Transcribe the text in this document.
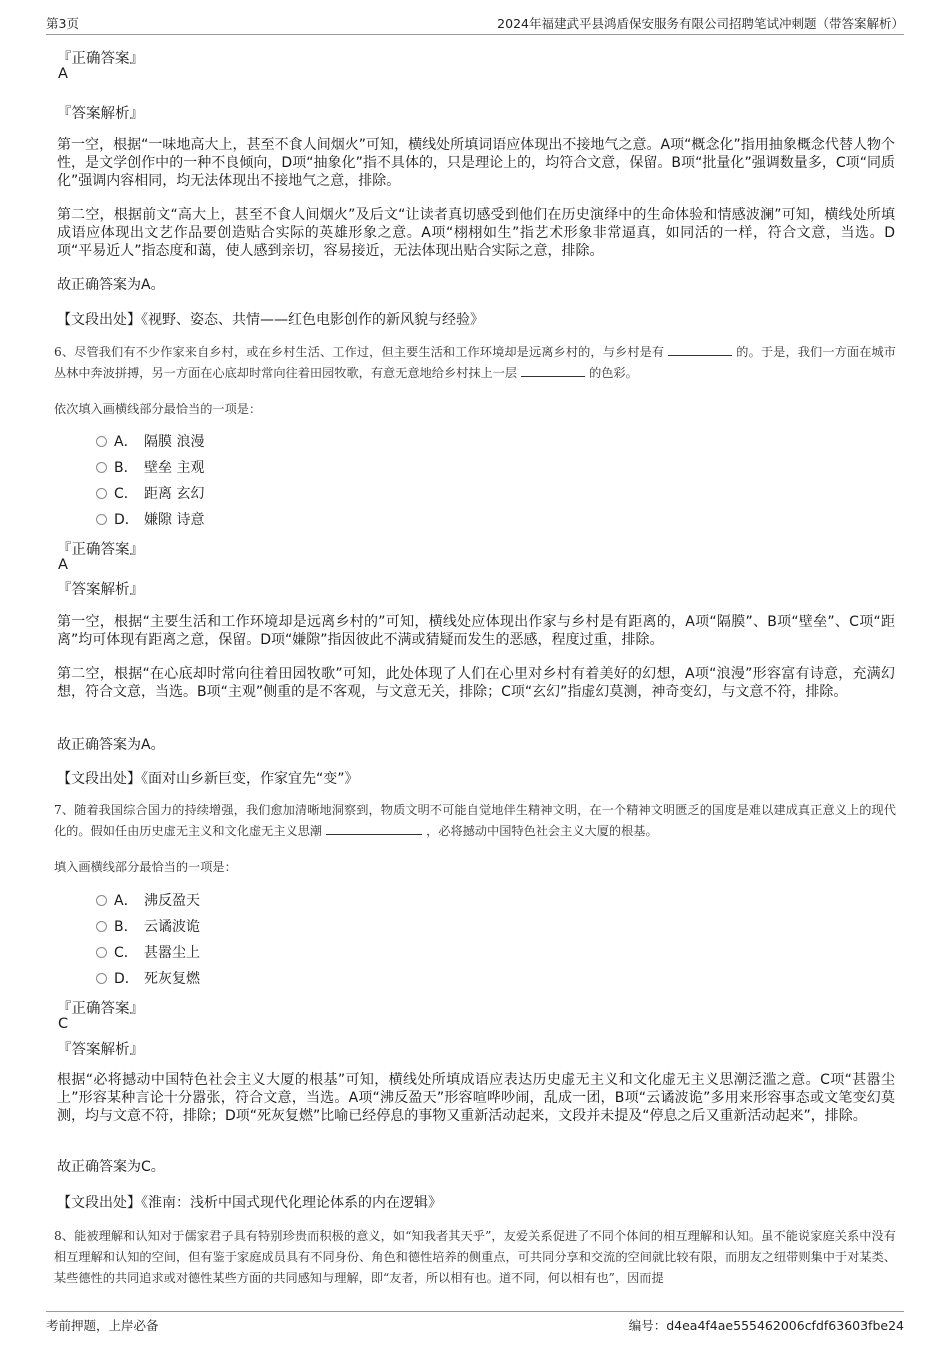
第3页	2024年福建武平县鸿盾保安服务有限公司招聘笔试冲刺题（带答案解析）
『正确答案』
A
『答案解析』
第一空，根据“一味地高大上，甚至不食人间烟火”可知，横线处所填词语应体现出不接地气之意。A项“概念化”指用抽象概念代替人物个性，是文学创作中的一种不良倾向，D项“抽象化”指不具体的，只是理论上的，均符合文意，保留。B项“批量化”强调数量多，C项“同质化”强调内容相同，均无法体现出不接地气之意，排除。
第二空，根据前文“高大上，甚至不食人间烟火”及后文“让读者真切感受到他们在历史演绎中的生命体验和情感波澜”可知，横线处所填成语应体现出文艺作品要创造贴合实际的英雄形象之意。A项“栩栩如生”指艺术形象非常逼真，如同活的一样，符合文意，当选。D项“平易近人”指态度和蔼，使人感到亲切，容易接近，无法体现出贴合实际之意，排除。
故正确答案为A。
【文段出处】《视野、姿态、共情——红色电影创作的新风貌与经验》
6、尽管我们有不少作家来自乡村，或在乡村生活、工作过，但主要生活和工作环境却是远离乡村的，与乡村是有	的。于是，我们一方面在城市丛林中奔波拼搏，另一方面在心底却时常向往着田园牧歌，有意无意地给乡村抹上一层	的色彩。
依次填入画横线部分最恰当的一项是：
A． 隔膜 浪漫
B． 壁垒 主观
C． 距离 玄幻
D． 嫌隙 诗意
『正确答案』
A
『答案解析』
第一空，根据“主要生活和工作环境却是远离乡村的”可知，横线处应体现出作家与乡村是有距离的，A项“隔膜”、B项“壁垒”、C项“距离”均可体现有距离之意，保留。D项“嫌隙”指因彼此不满或猜疑而发生的恶感，程度过重，排除。
第二空，根据“在心底却时常向往着田园牧歌”可知，此处体现了人们在心里对乡村有着美好的幻想，A项“浪漫”形容富有诗意，充满幻想，符合文意，当选。B项“主观”侧重的是不客观，与文意无关，排除；C项“玄幻”指虚幻莫测，神奇变幻，与文意不符，排除。
故正确答案为A。
【文段出处】《面对山乡新巨变，作家宜先“变”》
7、随着我国综合国力的持续增强，我们愈加清晰地洞察到，物质文明不可能自觉地伴生精神文明，在一个精神文明匮乏的国度是难以建成真正意义上的现代化的。假如任由历史虚无主义和文化虚无主义思潮	，必将撼动中国特色社会主义大厦的根基。
填入画横线部分最恰当的一项是：
A． 沸反盈天
B． 云谲波诡
C． 甚嚣尘上
D． 死灰复燃
『正确答案』
C
『答案解析』
根据“必将撼动中国特色社会主义大厦的根基”可知，横线处所填成语应表达历史虚无主义和文化虚无主义思潮泛滥之意。C项“甚嚣尘上”形容某种言论十分嚣张，符合文意，当选。A项“沸反盈天”形容喧哗吵闹，乱成一团，B项“云谲波诡”多用来形容事态或文笔变幻莫测，均与文意不符，排除；D项“死灰复燃”比喻已经停息的事物又重新活动起来，文段并未提及“停息之后又重新活动起来”，排除。
故正确答案为C。
【文段出处】《淮南：浅析中国式现代化理论体系的内在逻辑》
8、能被理解和认知对于儒家君子具有特别珍贵而积极的意义，如“知我者其天乎”，友爱关系促进了不同个体间的相互理解和认知。虽不能说家庭关系中没有相互理解和认知的空间，但有鉴于家庭成员具有不同身份、角色和德性培养的侧重点，可共同分享和交流的空间就比较有限，而朋友之纽带则集中于对某类、某些德性的共同追求或对德性某些方面的共同感知与理解，即“友者，所以相有也。道不同，何以相有也”，因而提
考前押题，上岸必备	编号：d4ea4f4ae555462006cfdf63603fbe24
